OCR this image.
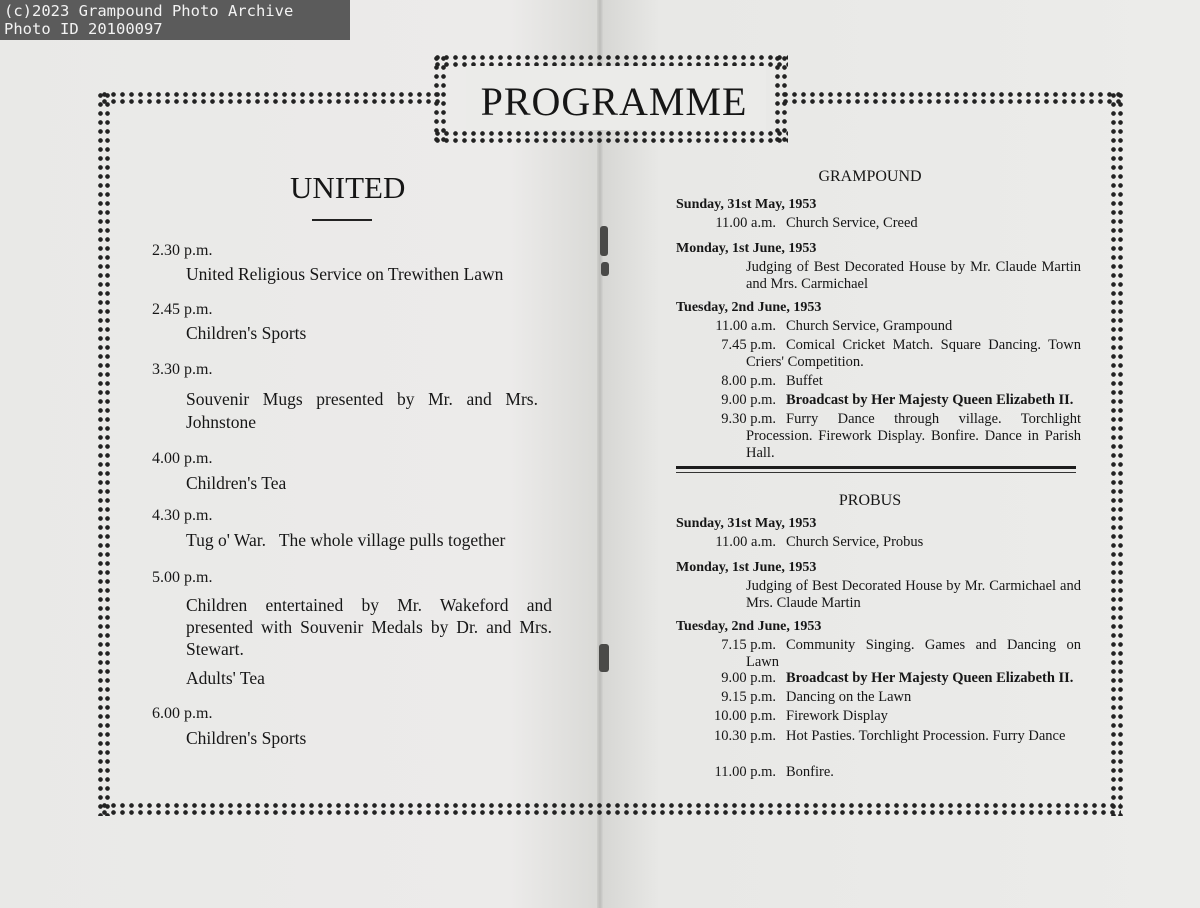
(c)2023 Grampound Photo Archive
Photo ID 20100097
PROGRAMME
UNITED
2.30 p.m.
United Religious Service on Trewithen Lawn
2.45 p.m.
Children's Sports
3.30 p.m.
Souvenir Mugs presented by Mr. and Mrs. Johnstone
4.00 p.m.
Children's Tea
4.30 p.m.
Tug o' War.   The whole village pulls together
5.00 p.m.
Children entertained by Mr. Wakeford and presented with Souvenir Medals by Dr. and Mrs. Stewart.
Adults' Tea
6.00 p.m.
Children's Sports
GRAMPOUND
Sunday, 31st May, 1953
11.00 a.m. Church Service, Creed
Monday, 1st June, 1953
Judging of Best Decorated House by Mr. Claude Martin and Mrs. Carmichael
Tuesday, 2nd June, 1953
11.00 a.m. Church Service, Grampound
7.45 p.m. Comical Cricket Match. Square Dancing. Town Criers' Competition.
8.00 p.m. Buffet
9.00 p.m. Broadcast by Her Majesty Queen Elizabeth II.
9.30 p.m. Furry Dance through village. Torchlight Procession. Firework Display. Bonfire. Dance in Parish Hall.
PROBUS
Sunday, 31st May, 1953
11.00 a.m. Church Service, Probus
Monday, 1st June, 1953
Judging of Best Decorated House by Mr. Carmichael and Mrs. Claude Martin
Tuesday, 2nd June, 1953
7.15 p.m. Community Singing. Games and Dancing on Lawn
9.00 p.m. Broadcast by Her Majesty Queen Elizabeth II.
9.15 p.m. Dancing on the Lawn
10.00 p.m. Firework Display
10.30 p.m. Hot Pasties. Torchlight Procession. Furry Dance
11.00 p.m. Bonfire.
